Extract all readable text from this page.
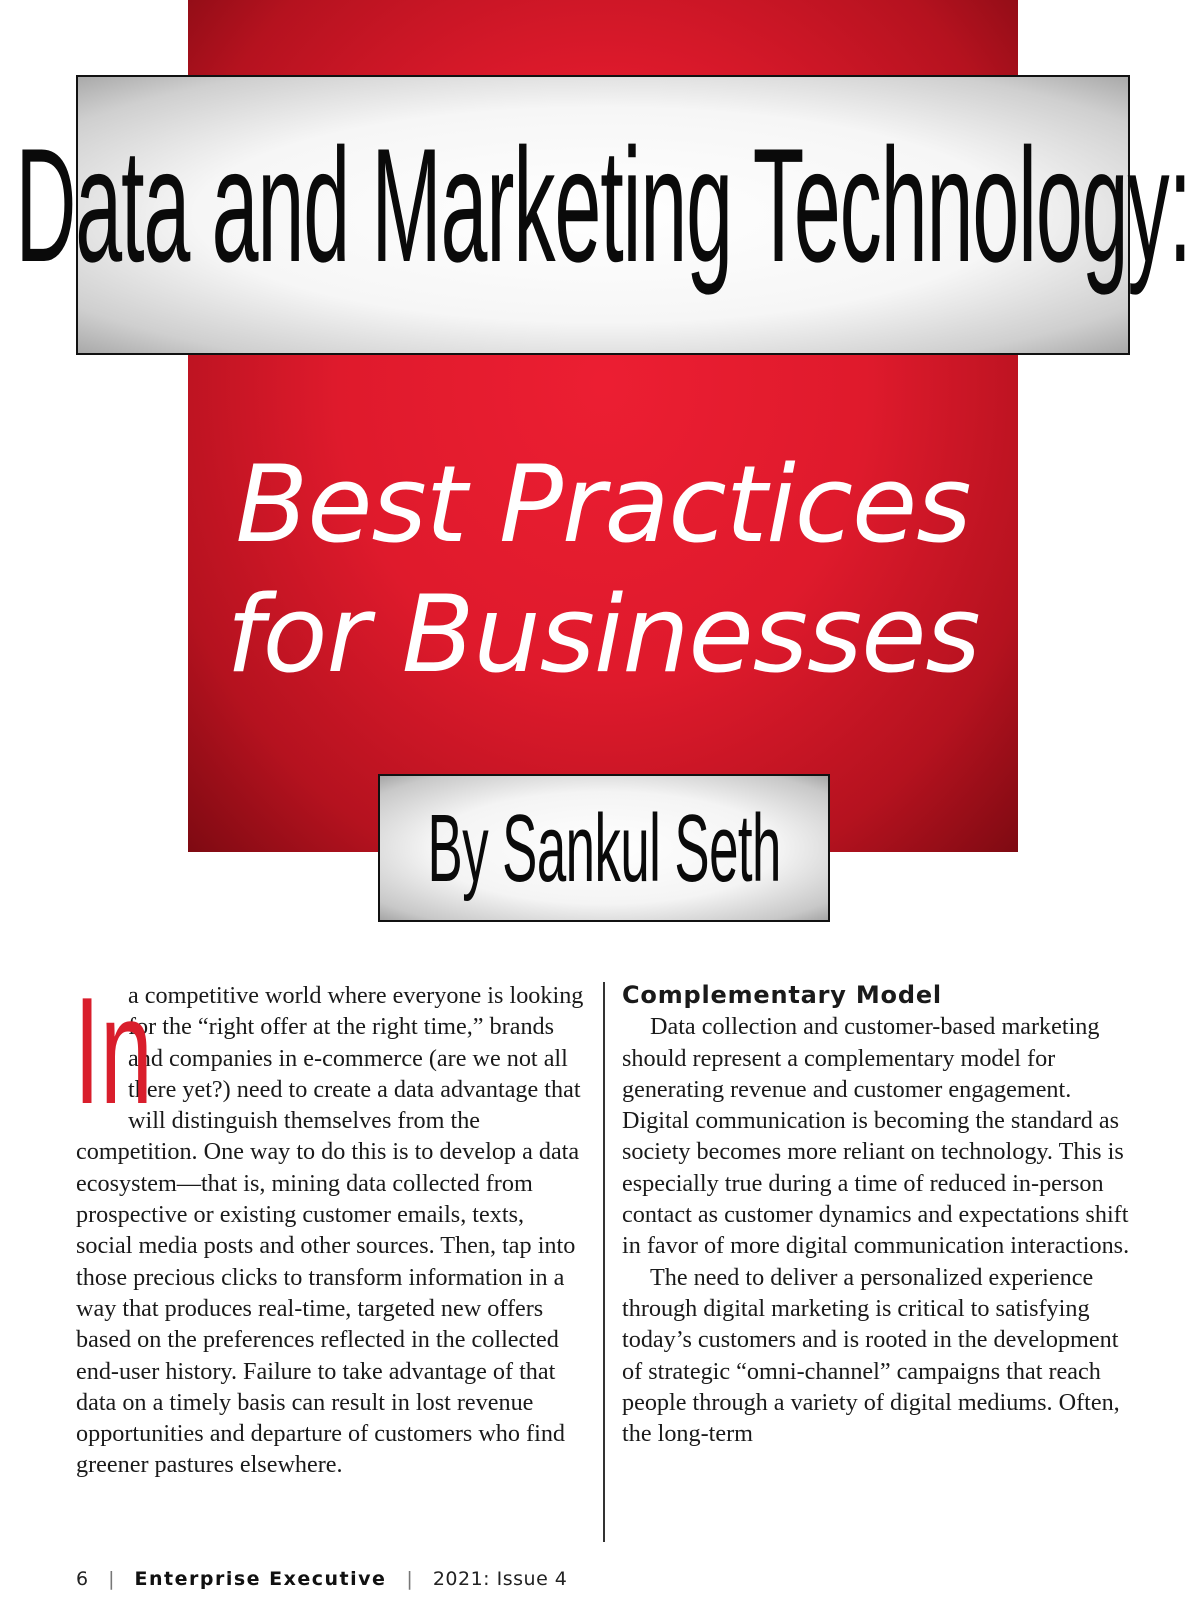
Data and Marketing Technology:
Best Practices
for Businesses
By Sankul Seth
In

a competitive world where everyone is looking for the “right offer at the right time,” brands and companies in e-commerce (are we not all there yet?) need to create a data advantage that will distinguish themselves from the competition. One way to do this is to develop a data ecosystem—that is, mining data collected from prospective or existing customer emails, texts, social media posts and other sources. Then, tap into those precious clicks to transform information in a way that produces real-time, targeted new offers based on the preferences reflected in the collected end-user history. Failure to take advantage of that data on a timely basis can result in lost revenue opportunities and departure of customers who find greener pastures elsewhere.

Complementary Model

Data collection and customer-based marketing should represent a complementary model for generating revenue and customer engagement. Digital communication is becoming the standard as society becomes more reliant on technology. This is especially true during a time of reduced in-person contact as customer dynamics and expectations shift in favor of more digital communication interactions.

The need to deliver a personalized experience through digital marketing is critical to satisfying today’s customers and is rooted in the development of strategic “omni-channel” campaigns that reach people through a variety of digital mediums. Often, the long-term

6 | Enterprise Executive | 2021: Issue 4
